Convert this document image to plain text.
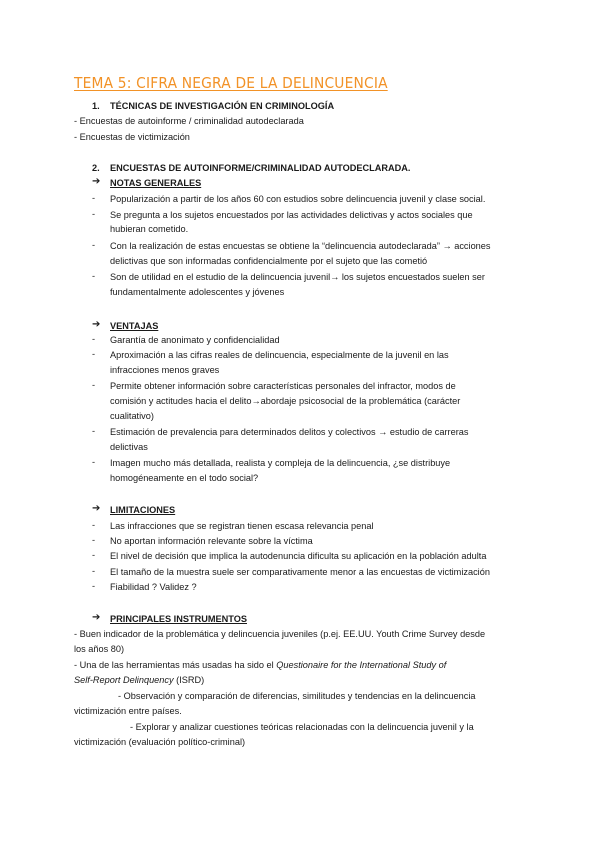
TEMA 5: CIFRA NEGRA DE LA DELINCUENCIA
1. TÉCNICAS DE INVESTIGACIÓN EN CRIMINOLOGÍA
- Encuestas de autoinforme / criminalidad autodeclarada
- Encuestas de victimización
2. ENCUESTAS DE AUTOINFORME/CRIMINALIDAD AUTODECLARADA.
➔ NOTAS GENERALES
- Popularización a partir de los años 60 con estudios sobre delincuencia juvenil y clase social.
- Se pregunta a los sujetos encuestados por las actividades delictivas y actos sociales que
hubieran cometido.
- Con la realización de estas encuestas se obtiene la “delincuencia autodeclarada” → acciones
delictivas que son informadas confidencialmente por el sujeto que las cometió
- Son de utilidad en el estudio de la delincuencia juvenil→ los sujetos encuestados suelen ser
fundamentalmente adolescentes y jóvenes
➔ VENTAJAS
- Garantía de anonimato y confidencialidad
- Aproximación a las cifras reales de delincuencia, especialmente de la juvenil en las
infracciones menos graves
- Permite obtener información sobre características personales del infractor, modos de
comisión y actitudes hacia el delito→abordaje psicosocial de la problemática (carácter
cualitativo)
- Estimación de prevalencia para determinados delitos y colectivos → estudio de carreras
delictivas
- Imagen mucho más detallada, realista y compleja de la delincuencia, ¿se distribuye
homogéneamente en el todo social?
➔ LIMITACIONES
- Las infracciones que se registran tienen escasa relevancia penal
- No aportan información relevante sobre la víctima
- El nivel de decisión que implica la autodenuncia dificulta su aplicación en la población adulta
- El tamaño de la muestra suele ser comparativamente menor a las encuestas de victimización
- Fiabilidad ? Validez ?
➔ PRINCIPALES INSTRUMENTOS
- Buen indicador de la problemática y delincuencia juveniles (p.ej. EE.UU. Youth Crime Survey desde
los años 80)
- Una de las herramientas más usadas ha sido el Questionaire for the International Study of
Self-Report Delinquency (ISRD)
- Observación y comparación de diferencias, similitudes y tendencias en la delincuencia
victimización entre países.
- Explorar y analizar cuestiones teóricas relacionadas con la delincuencia juvenil y la
victimización (evaluación político-criminal)
